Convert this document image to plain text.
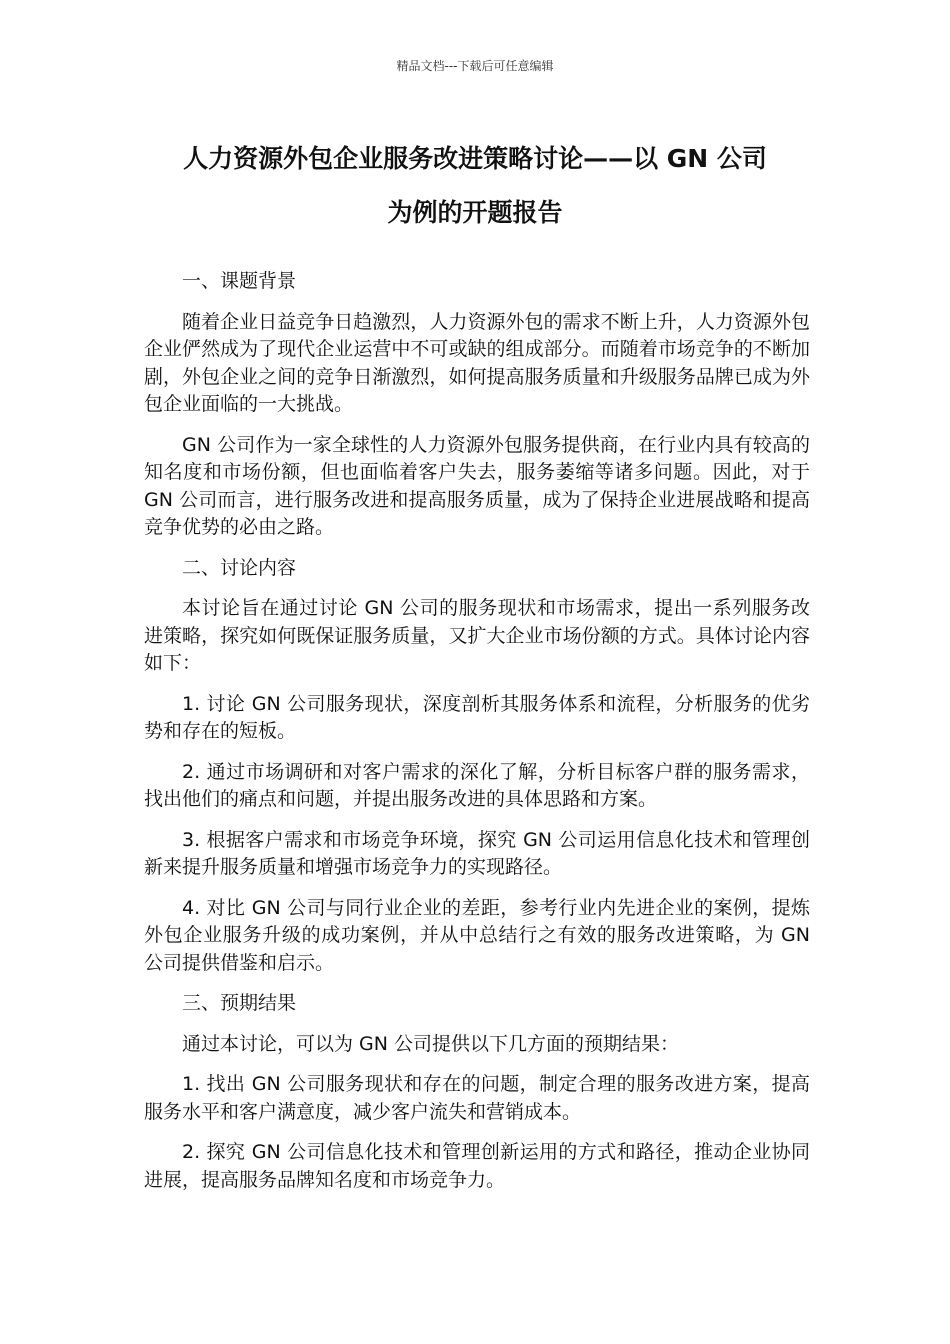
精品文档---下载后可任意编辑
人力资源外包企业服务改进策略讨论——以 GN 公司
为例的开题报告

一、课题背景

随着企业日益竞争日趋激烈，人力资源外包的需求不断上升，人力资源外包企业俨然成为了现代企业运营中不可或缺的组成部分。而随着市场竞争的不断加剧，外包企业之间的竞争日渐激烈，如何提高服务质量和升级服务品牌已成为外包企业面临的一大挑战。

GN 公司作为一家全球性的人力资源外包服务提供商，在行业内具有较高的知名度和市场份额，但也面临着客户失去，服务萎缩等诸多问题。因此，对于 GN 公司而言，进行服务改进和提高服务质量，成为了保持企业进展战略和提高竞争优势的必由之路。

二、讨论内容

本讨论旨在通过讨论 GN 公司的服务现状和市场需求，提出一系列服务改进策略，探究如何既保证服务质量，又扩大企业市场份额的方式。具体讨论内容如下：

1. 讨论 GN 公司服务现状，深度剖析其服务体系和流程，分析服务的优劣势和存在的短板。

2. 通过市场调研和对客户需求的深化了解，分析目标客户群的服务需求，找出他们的痛点和问题，并提出服务改进的具体思路和方案。

3. 根据客户需求和市场竞争环境，探究 GN 公司运用信息化技术和管理创新来提升服务质量和增强市场竞争力的实现路径。

4. 对比 GN 公司与同行业企业的差距，参考行业内先进企业的案例，提炼外包企业服务升级的成功案例，并从中总结行之有效的服务改进策略，为 GN 公司提供借鉴和启示。

三、预期结果

通过本讨论，可以为 GN 公司提供以下几方面的预期结果：

1. 找出 GN 公司服务现状和存在的问题，制定合理的服务改进方案，提高服务水平和客户满意度，减少客户流失和营销成本。

2. 探究 GN 公司信息化技术和管理创新运用的方式和路径，推动企业协同进展，提高服务品牌知名度和市场竞争力。
